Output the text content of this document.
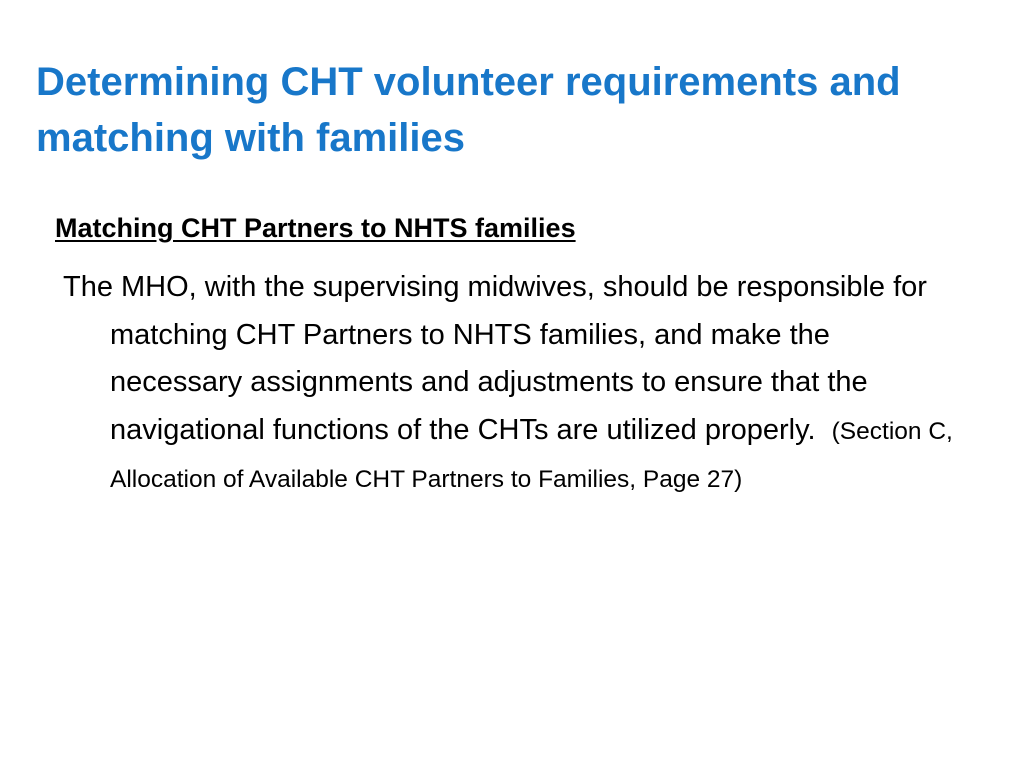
Determining CHT volunteer requirements and matching with families
Matching CHT Partners to NHTS families

The MHO, with the supervising midwives, should be responsible for matching CHT Partners to NHTS families, and make the necessary assignments and adjustments to ensure that the navigational functions of the CHTs are utilized properly. (Section C, Allocation of Available CHT Partners to Families, Page 27)
